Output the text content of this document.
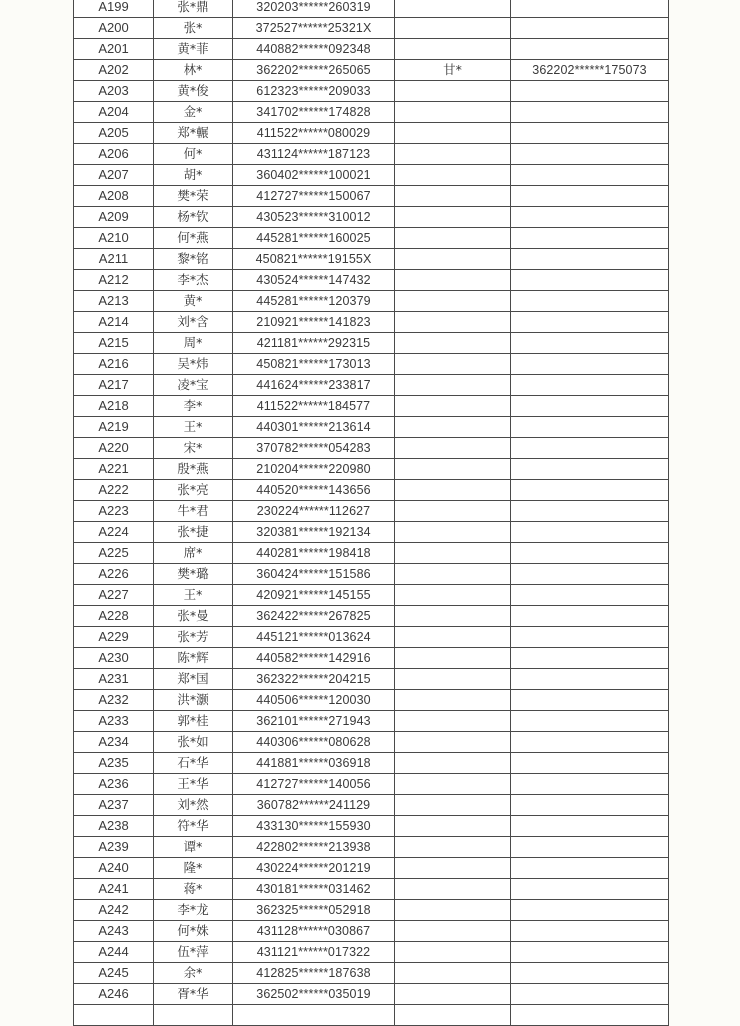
A199	张*鼎	320203******260319		
A200	张*	372527******25321X		
A201	黄*菲	440882******092348		
A202	林*	362202******265065	甘*	362202******175073
A203	黄*俊	612323******209033		
A204	金*	341702******174828		
A205	郑*輾	411522******080029		
A206	何*	431124******187123		
A207	胡*	360402******100021		
A208	樊*荣	412727******150067		
A209	杨*钦	430523******310012		
A210	何*燕	445281******160025		
A211	黎*铭	450821******19155X		
A212	李*杰	430524******147432		
A213	黄*	445281******120379		
A214	刘*含	210921******141823		
A215	周*	421181******292315		
A216	吴*炜	450821******173013		
A217	凌*宝	441624******233817		
A218	李*	411522******184577		
A219	王*	440301******213614		
A220	宋*	370782******054283		
A221	殷*燕	210204******220980		
A222	张*亮	440520******143656		
A223	牛*君	230224******112627		
A224	张*捷	320381******192134		
A225	席*	440281******198418		
A226	樊*璐	360424******151586		
A227	王*	420921******145155		
A228	张*曼	362422******267825		
A229	张*芳	445121******013624		
A230	陈*辉	440582******142916		
A231	郑*国	362322******204215		
A232	洪*灏	440506******120030		
A233	郭*桂	362101******271943		
A234	张*如	440306******080628		
A235	石*华	441881******036918		
A236	王*华	412727******140056		
A237	刘*然	360782******241129		
A238	符*华	433130******155930		
A239	谭*	422802******213938		
A240	隆*	430224******201219		
A241	蒋*	430181******031462		
A242	李*龙	362325******052918		
A243	何*姝	431128******030867		
A244	伍*萍	431121******017322		
A245	余*	412825******187638		
A246	胥*华	362502******035019		
